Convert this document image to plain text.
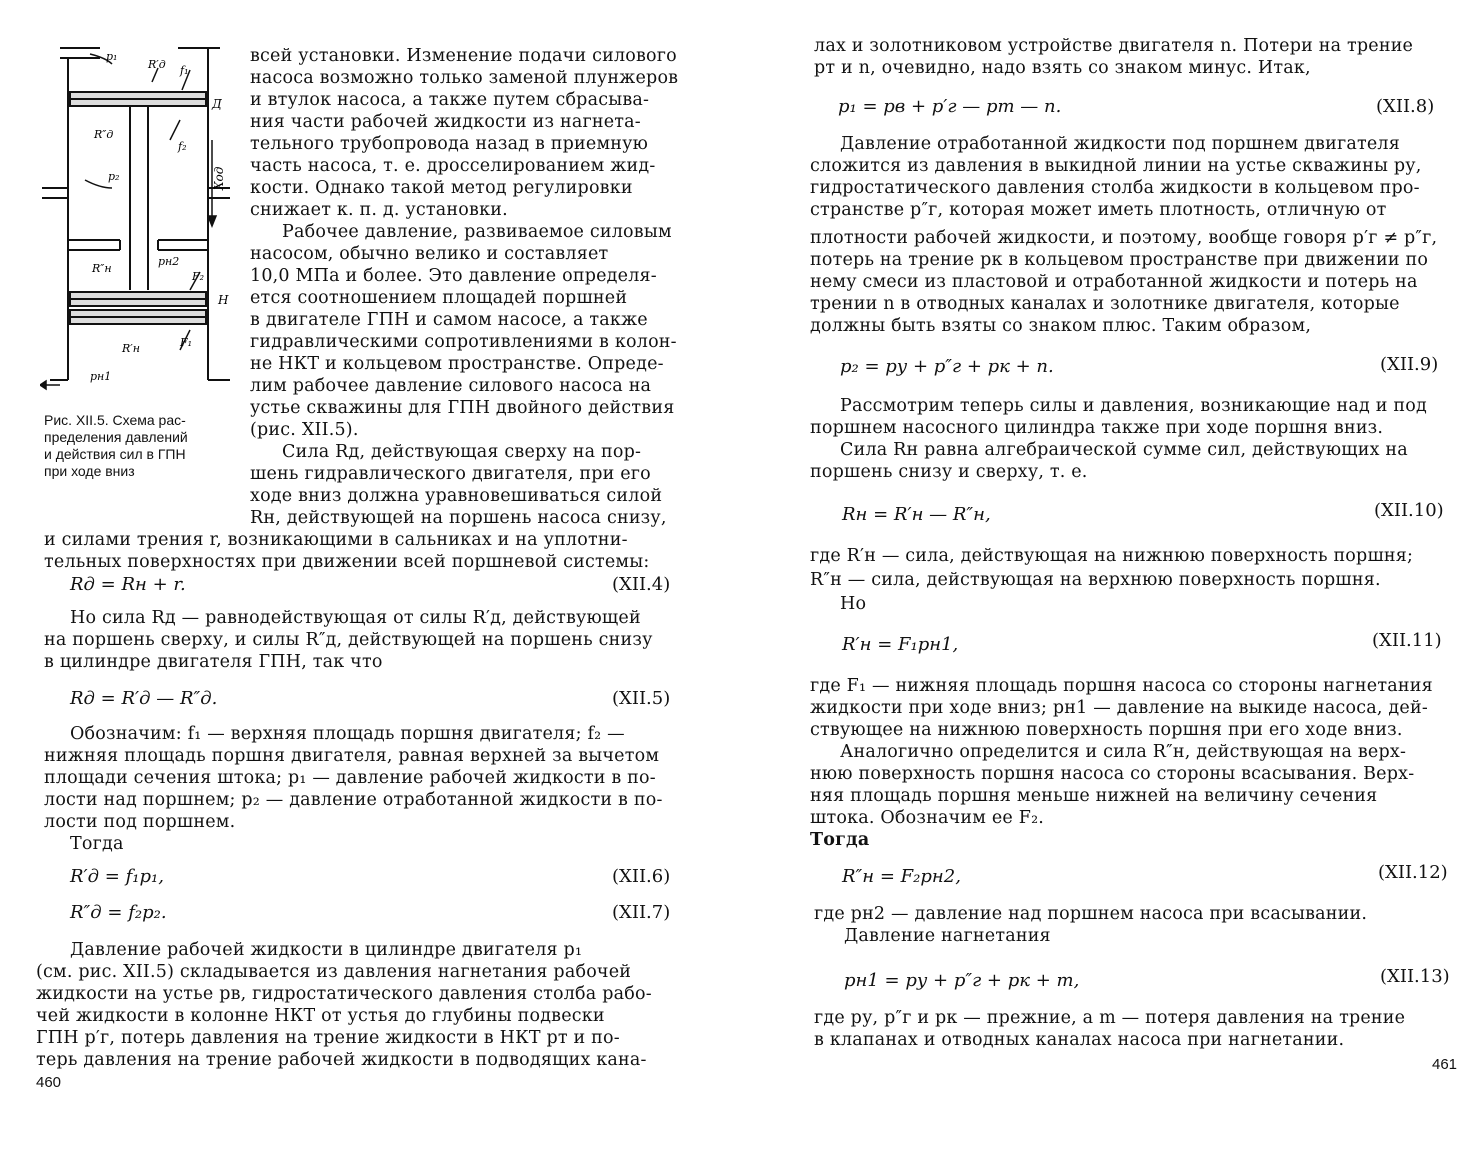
p₁
R′д f₁
Д
R″д
f₂
p₂	Ход
R″н
pн2
F₂
Н
R′н	F₁
pн1
Рис. XII.5. Схема рас-
пределения давлений
и действия сил в ГПН
при ходе вниз
всей установки. Изменение подачи силового
насоса возможно только заменой плунжеров
и втулок насоса, а также путем сбрасыва-
ния части рабочей жидкости из нагнета-
тельного трубопровода назад в приемную
часть насоса, т. е. дросселированием жид-
кости. Однако такой метод регулировки
снижает к. п. д. установки.
Рабочее давление, развиваемое силовым
насосом, обычно велико и составляет
10,0 МПа и более. Это давление определя-
ется соотношением площадей поршней
в двигателе ГПН и самом насосе, а также
гидравлическими сопротивлениями в колон-
не НКТ и кольцевом пространстве. Опреде-
лим рабочее давление силового насоса на
устье скважины для ГПН двойного действия
(рис. XII.5).
Сила Rд, действующая сверху на пор-
шень гидравлического двигателя, при его
ходе вниз должна уравновешиваться силой
Rн, действующей на поршень насоса снизу,
и силами трения r, возникающими в сальниках и на уплотни-
тельных поверхностях при движении всей поршневой системы:
Rд = Rн + r.	(XII.4)
Но сила Rд — равнодействующая от силы R′д, действующей
на поршень сверху, и силы R″д, действующей на поршень снизу
в цилиндре двигателя ГПН, так что
Rд = R′д — R″д.	(XII.5)
Обозначим: f₁ — верхняя площадь поршня двигателя; f₂ —
нижняя площадь поршня двигателя, равная верхней за вычетом
площади сечения штока; p₁ — давление рабочей жидкости в по-
лости над поршнем; p₂ — давление отработанной жидкости в по-
лости под поршнем.
Тогда
R′д = f₁p₁,	(XII.6)
R″д = f₂p₂.	(XII.7)
Давление рабочей жидкости в цилиндре двигателя p₁
(см. рис. XII.5) складывается из давления нагнетания рабочей
жидкости на устье pв, гидростатического давления столба рабо-
чей жидкости в колонне НКТ от устья до глубины подвески
ГПН p′г, потерь давления на трение жидкости в НКТ pт и по-
терь давления на трение рабочей жидкости в подводящих кана-
460
лах и золотниковом устройстве двигателя n. Потери на трение
pт и n, очевидно, надо взять со знаком минус. Итак,
p₁ = pв + p′г — pт — n.	(XII.8)
Давление отработанной жидкости под поршнем двигателя
сложится из давления в выкидной линии на устье скважины pу,
гидростатического давления столба жидкости в кольцевом про-
странстве p″г, которая может иметь плотность, отличную от
плотности рабочей жидкости, и поэтому, вообще говоря p′г ≠ p″г,
потерь на трение pк в кольцевом пространстве при движении по
нему смеси из пластовой и отработанной жидкости и потерь на
трении n в отводных каналах и золотнике двигателя, которые
должны быть взяты со знаком плюс. Таким образом,
p₂ = pу + p″г + pк + n.	(XII.9)
Рассмотрим теперь силы и давления, возникающие над и под
поршнем насосного цилиндра также при ходе поршня вниз.
Сила Rн равна алгебраической сумме сил, действующих на
поршень снизу и сверху, т. е.
Rн = R′н — R″н,	(XII.10)
где R′н — сила, действующая на нижнюю поверхность поршня;
R″н — сила, действующая на верхнюю поверхность поршня.
Но
R′н = F₁pн1,	(XII.11)
где F₁ — нижняя площадь поршня насоса со стороны нагнетания
жидкости при ходе вниз; pн1 — давление на выкиде насоса, дей-
ствующее на нижнюю поверхность поршня при его ходе вниз.
Аналогично определится и сила R″н, действующая на верх-
нюю поверхность поршня насоса со стороны всасывания. Верх-
няя площадь поршня меньше нижней на величину сечения
штока. Обозначим ее F₂.
Тогда
R″н = F₂pн2,	(XII.12)
где pн2 — давление над поршнем насоса при всасывании.
Давление нагнетания
pн1 = pу + p″г + pк + m,	(XII.13)
где pу, p″г и pк — прежние, а m — потеря давления на трение
в клапанах и отводных каналах насоса при нагнетании.
461
